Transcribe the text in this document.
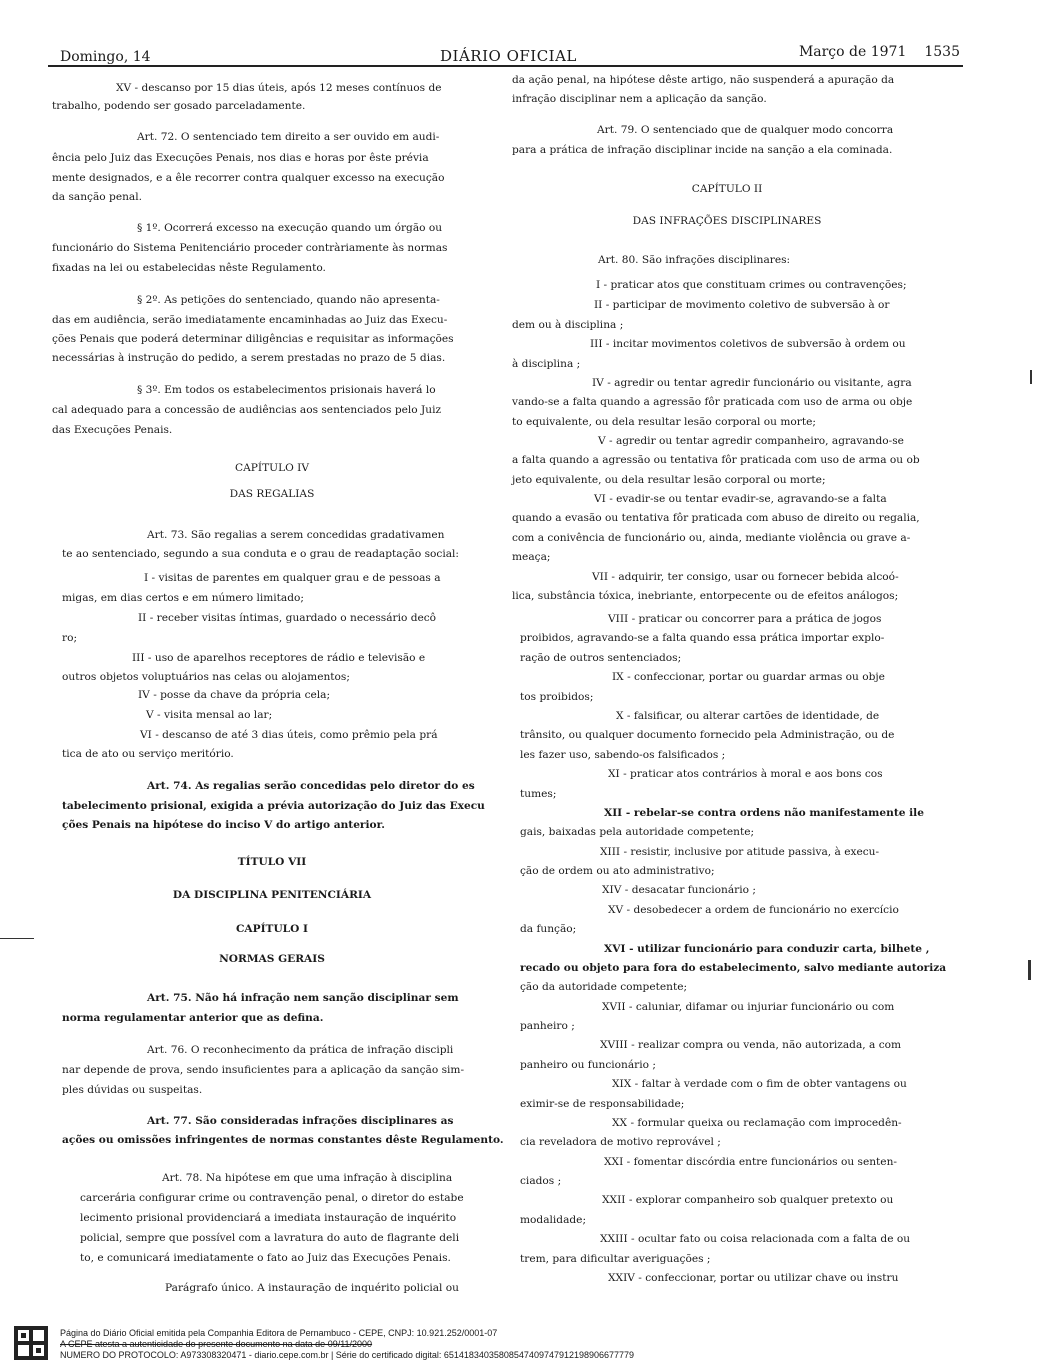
Domingo, 14	DIÁRIO OFICIAL	Março de 1971 1535

XV - descanso por 15 dias úteis, após 12 meses contínuos de

trabalho, podendo ser gosado parceladamente.

Art. 72. O sentenciado tem direito a ser ouvido em audi-

ência pelo Juiz das Execuções Penais, nos dias e horas por êste prévia

mente designados, e a êle recorrer contra qualquer excesso na execução

da sanção penal.

§ 1º. Ocorrerá excesso na execução quando um órgão ou

funcionário do Sistema Penitenciário proceder contràriamente às normas

fixadas na lei ou estabelecidas nêste Regulamento.

§ 2º. As petições do sentenciado, quando não apresenta-

das em audiência, serão imediatamente encaminhadas ao Juiz das Execu-

ções Penais que poderá determinar diligências e requisitar as informações

necessárias à instrução do pedido, a serem prestadas no prazo de 5 dias.

§ 3º. Em todos os estabelecimentos prisionais haverá lo

cal adequado para a concessão de audiências aos sentenciados pelo Juiz

das Execuções Penais.

CAPÍTULO IV

DAS REGALIAS

Art. 73. São regalias a serem concedidas gradativamen

te ao sentenciado, segundo a sua conduta e o grau de readaptação social:

I - visitas de parentes em qualquer grau e de pessoas a

migas, em dias certos e em número limitado;

II - receber visitas íntimas, guardado o necessário decô

ro;

III - uso de aparelhos receptores de rádio e televisão e

outros objetos voluptuários nas celas ou alojamentos;

IV - posse da chave da própria cela;

V - visita mensal ao lar;

VI - descanso de até 3 dias úteis, como prêmio pela prá

tica de ato ou serviço meritório.

Art. 74. As regalias serão concedidas pelo diretor do es

tabelecimento prisional, exigida a prévia autorização do Juiz das Execu

ções Penais na hipótese do inciso V do artigo anterior.

TÍTULO VII

DA DISCIPLINA PENITENCIÁRIA

CAPÍTULO I

NORMAS GERAIS

Art. 75. Não há infração nem sanção disciplinar sem

norma regulamentar anterior que as defina.

Art. 76. O reconhecimento da prática de infração discipli

nar depende de prova, sendo insuficientes para a aplicação da sanção sim-

ples dúvidas ou suspeitas.

Art. 77. São consideradas infrações disciplinares as

ações ou omissões infringentes de normas constantes dêste Regulamento.

Art. 78. Na hipótese em que uma infração à disciplina

carcerária configurar crime ou contravenção penal, o diretor do estabe

lecimento prisional providenciará a imediata instauração de inquérito

policial, sempre que possível com a lavratura do auto de flagrante deli

to, e comunicará imediatamente o fato ao Juiz das Execuções Penais.

Parágrafo único. A instauração de inquérito policial ou

da ação penal, na hipótese dêste artigo, não suspenderá a apuração da

infração disciplinar nem a aplicação da sanção.

Art. 79. O sentenciado que de qualquer modo concorra

para a prática de infração disciplinar incide na sanção a ela cominada.

CAPÍTULO II

DAS INFRAÇÕES DISCIPLINARES

Art. 80. São infrações disciplinares:

I - praticar atos que constituam crimes ou contravenções;

II - participar de movimento coletivo de subversão à or

dem ou à disciplina ;

III - incitar movimentos coletivos de subversão à ordem ou

à disciplina ;

IV - agredir ou tentar agredir funcionário ou visitante, agra

vando-se a falta quando a agressão fôr praticada com uso de arma ou obje

to equivalente, ou dela resultar lesão corporal ou morte;

V - agredir ou tentar agredir companheiro, agravando-se

a falta quando a agressão ou tentativa fôr praticada com uso de arma ou ob

jeto equivalente, ou dela resultar lesão corporal ou morte;

VI - evadir-se ou tentar evadir-se, agravando-se a falta

quando a evasão ou tentativa fôr praticada com abuso de direito ou regalia,

com a conivência de funcionário ou, ainda, mediante violência ou grave a-

meaça;

VII - adquirir, ter consigo, usar ou fornecer bebida alcoó-

lica, substância tóxica, inebriante, entorpecente ou de efeitos análogos;

VIII - praticar ou concorrer para a prática de jogos

proibidos, agravando-se a falta quando essa prática importar explo-

ração de outros sentenciados;

IX - confeccionar, portar ou guardar armas ou obje

tos proibidos;

X - falsificar, ou alterar cartões de identidade, de

trânsito, ou qualquer documento fornecido pela Administração, ou de

les fazer uso, sabendo-os falsificados ;

XI - praticar atos contrários à moral e aos bons cos

tumes;

XII - rebelar-se contra ordens não manifestamente ile

gais, baixadas pela autoridade competente;

XIII - resistir, inclusive por atitude passiva, à execu-

ção de ordem ou ato administrativo;

XIV - desacatar funcionário ;

XV - desobedecer a ordem de funcionário no exercício

da função;

XVI - utilizar funcionário para conduzir carta, bilhete ,

recado ou objeto para fora do estabelecimento, salvo mediante autoriza

ção da autoridade competente;

XVII - caluniar, difamar ou injuriar funcionário ou com

panheiro ;

XVIII - realizar compra ou venda, não autorizada, a com

panheiro ou funcionário ;

XIX - faltar à verdade com o fim de obter vantagens ou

eximir-se de responsabilidade;

XX - formular queixa ou reclamação com improcedên-

cia reveladora de motivo reprovável ;

XXI - fomentar discórdia entre funcionários ou senten-

ciados ;

XXII - explorar companheiro sob qualquer pretexto ou

modalidade;

XXIII - ocultar fato ou coisa relacionada com a falta de ou

trem, para dificultar averiguações ;

XXIV - confeccionar, portar ou utilizar chave ou instru

Página do Diário Oficial emitida pela Companhia Editora de Pernambuco - CEPE, CNPJ: 10.921.252/0001-07
A CEPE atesta a autenticidade do presente documento na data de 09/11/2000
NUMERO DO PROTOCOLO: A973308320471 - diario.cepe.com.br | Série do certificado digital: 65141834035808547409747912198906677779
